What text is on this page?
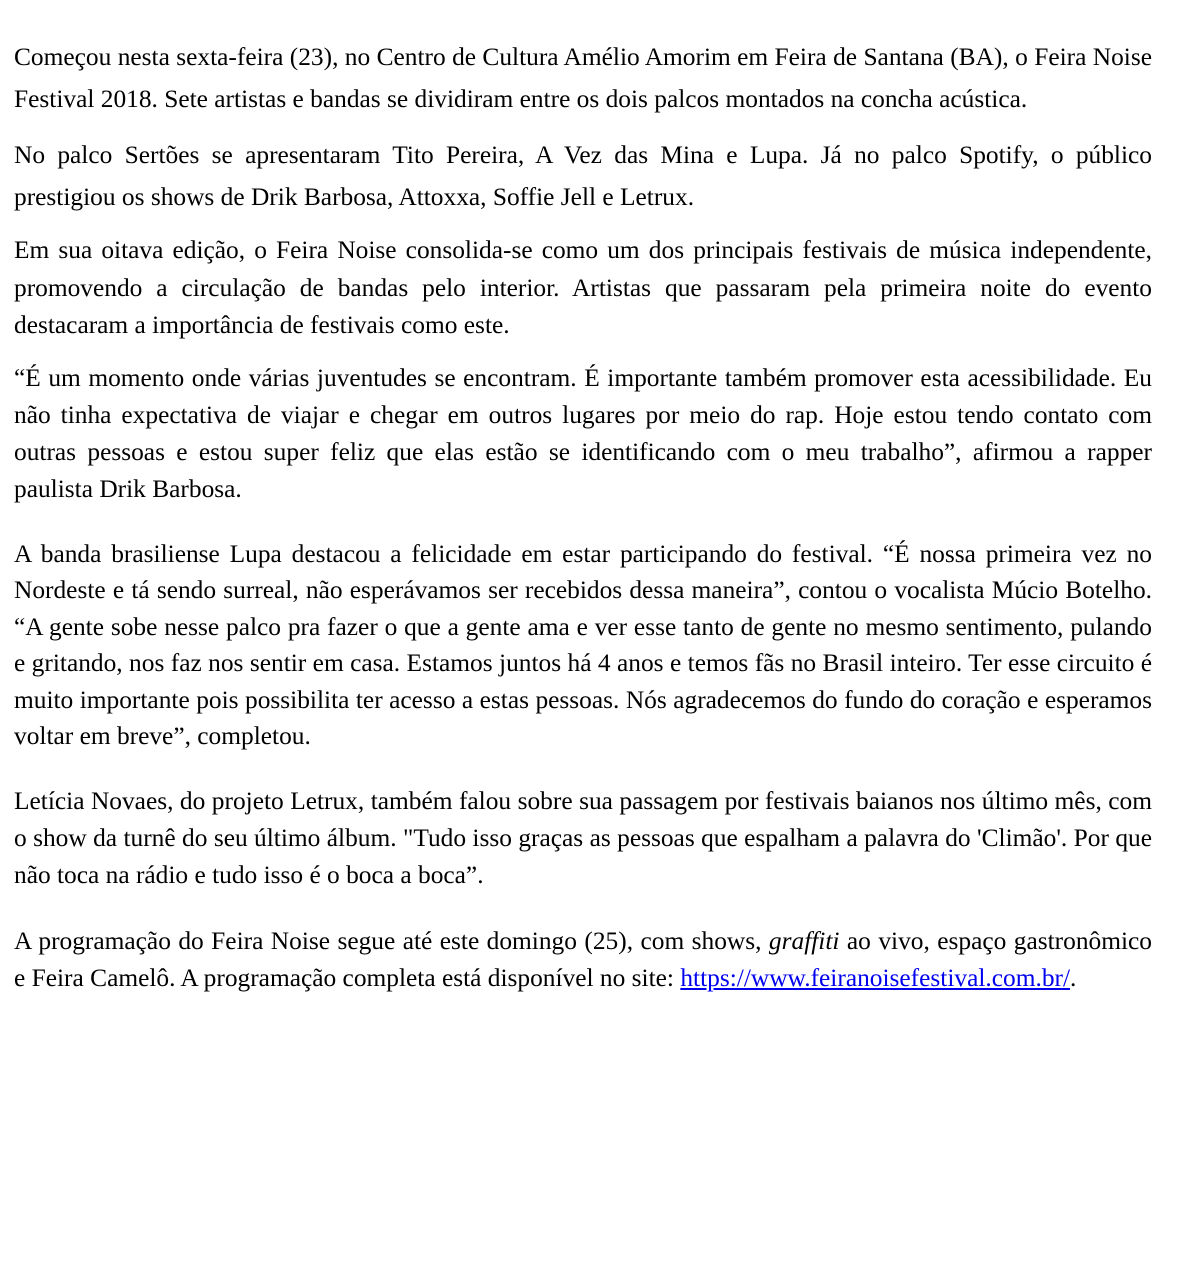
Começou nesta sexta-feira (23), no Centro de Cultura Amélio Amorim em Feira de Santana (BA), o Feira Noise Festival 2018. Sete artistas e bandas se dividiram entre os dois palcos montados na concha acústica.

No palco Sertões se apresentaram Tito Pereira, A Vez das Mina e Lupa. Já no palco Spotify, o público prestigiou os shows de Drik Barbosa, Attoxxa, Soffie Jell e Letrux.

Em sua oitava edição, o Feira Noise consolida-se como um dos principais festivais de música independente, promovendo a circulação de bandas pelo interior. Artistas que passaram pela primeira noite do evento destacaram a importância de festivais como este.

“É um momento onde várias juventudes se encontram. É importante também promover esta acessibilidade. Eu não tinha expectativa de viajar e chegar em outros lugares por meio do rap. Hoje estou tendo contato com outras pessoas e estou super feliz que elas estão se identificando com o meu trabalho”, afirmou a rapper paulista Drik Barbosa.

A banda brasiliense Lupa destacou a felicidade em estar participando do festival. “É nossa primeira vez no Nordeste e tá sendo surreal, não esperávamos ser recebidos dessa maneira”, contou o vocalista Múcio Botelho. “A gente sobe nesse palco pra fazer o que a gente ama e ver esse tanto de gente no mesmo sentimento, pulando e gritando, nos faz nos sentir em casa. Estamos juntos há 4 anos e temos fãs no Brasil inteiro. Ter esse circuito é muito importante pois possibilita ter acesso a estas pessoas. Nós agradecemos do fundo do coração e esperamos voltar em breve”, completou.

Letícia Novaes, do projeto Letrux, também falou sobre sua passagem por festivais baianos nos último mês, com o show da turnê do seu último álbum. "Tudo isso graças as pessoas que espalham a palavra do 'Climão'. Por que não toca na rádio e tudo isso é o boca a boca”.

A programação do Feira Noise segue até este domingo (25), com shows, graffiti ao vivo, espaço gastronômico e Feira Camelô. A programação completa está disponível no site: https://www.feiranoisefestival.com.br/.
